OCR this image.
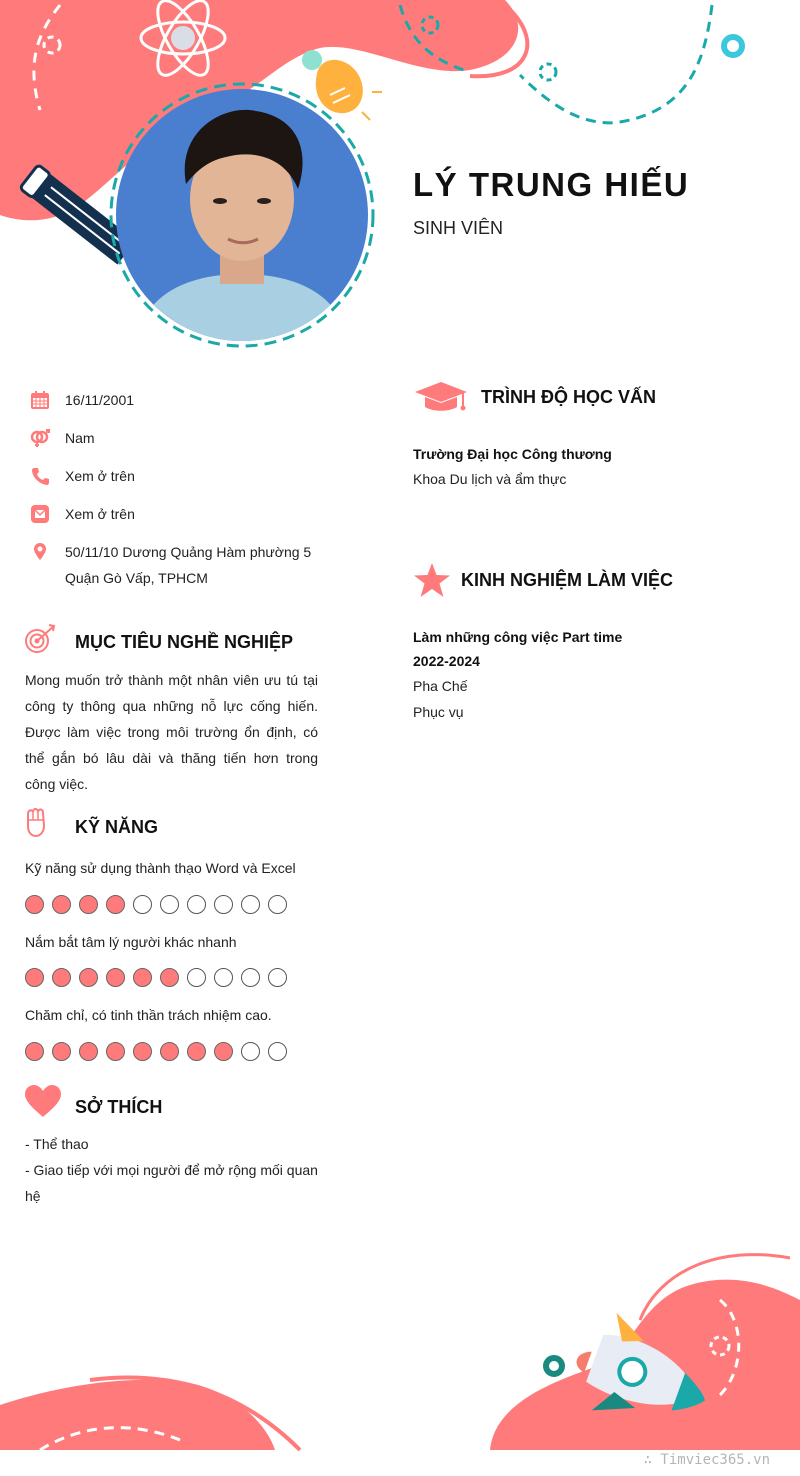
LÝ TRUNG HIẾU
SINH VIÊN
16/11/2001
Nam
Xem ở trên
Xem ở trên
50/11/10 Dương Quảng Hàm phường 5
Quận Gò Vấp, TPHCM
MỤC TIÊU NGHỀ NGHIỆP
Mong muốn trở thành một nhân viên ưu tú tại công ty thông qua những nỗ lực cống hiến. Được làm việc trong môi trường ổn định, có thể gắn bó lâu dài và thăng tiến hơn trong công việc.
KỸ NĂNG
Kỹ năng sử dụng thành thạo Word và Excel
Nắm bắt tâm lý người khác nhanh
Chăm chỉ, có tinh thần trách nhiệm cao.
SỞ THÍCH
- Thể thao
- Giao tiếp với mọi người để mở rộng mối quan hệ
TRÌNH ĐỘ HỌC VẤN
Trường Đại học Công thương
Khoa Du lịch và ẩm thực
KINH NGHIỆM LÀM VIỆC
Làm những công việc Part time
2022-2024
Pha Chế
Phục vụ
∴ Timviec365.vn
